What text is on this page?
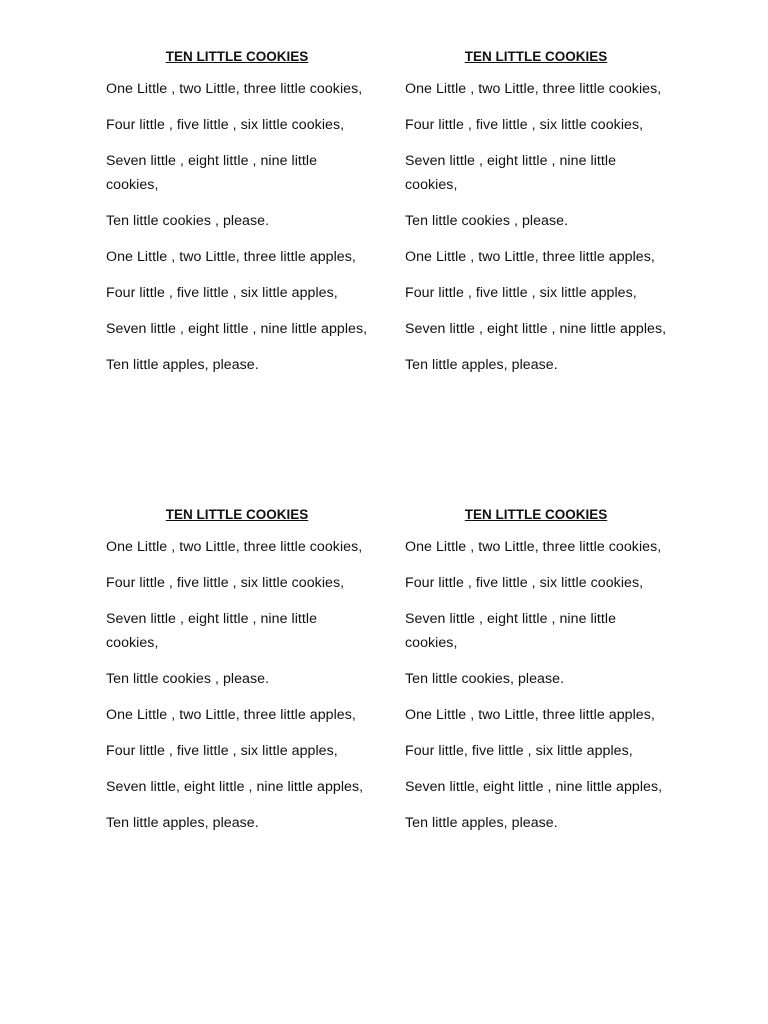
TEN LITTLE COOKIES
One Little , two Little, three little cookies,
Four little , five little , six little cookies,
Seven little , eight little , nine little cookies,
Ten little cookies , please.
One Little , two Little, three little apples,
Four little , five little , six little apples,
Seven little , eight little , nine little apples,
Ten little apples, please.
TEN LITTLE COOKIES
One Little , two Little, three little cookies,
Four little , five little , six little cookies,
Seven little , eight little , nine little cookies,
Ten little cookies , please.
One Little , two Little, three little apples,
Four little , five little , six little apples,
Seven little , eight little , nine little apples,
Ten little apples, please.
TEN LITTLE COOKIES
One Little , two Little, three little cookies,
Four little , five little , six little cookies,
Seven little , eight little , nine little cookies,
Ten little cookies , please.
One Little , two Little, three little apples,
Four little , five little , six little apples,
Seven little, eight little , nine little apples,
Ten little apples, please.
TEN LITTLE COOKIES
One Little , two Little, three little cookies,
Four little , five little , six little cookies,
Seven little , eight little , nine little cookies,
Ten little cookies, please.
One Little , two Little, three little apples,
Four little, five little , six little apples,
Seven little, eight little , nine little apples,
Ten little apples, please.
